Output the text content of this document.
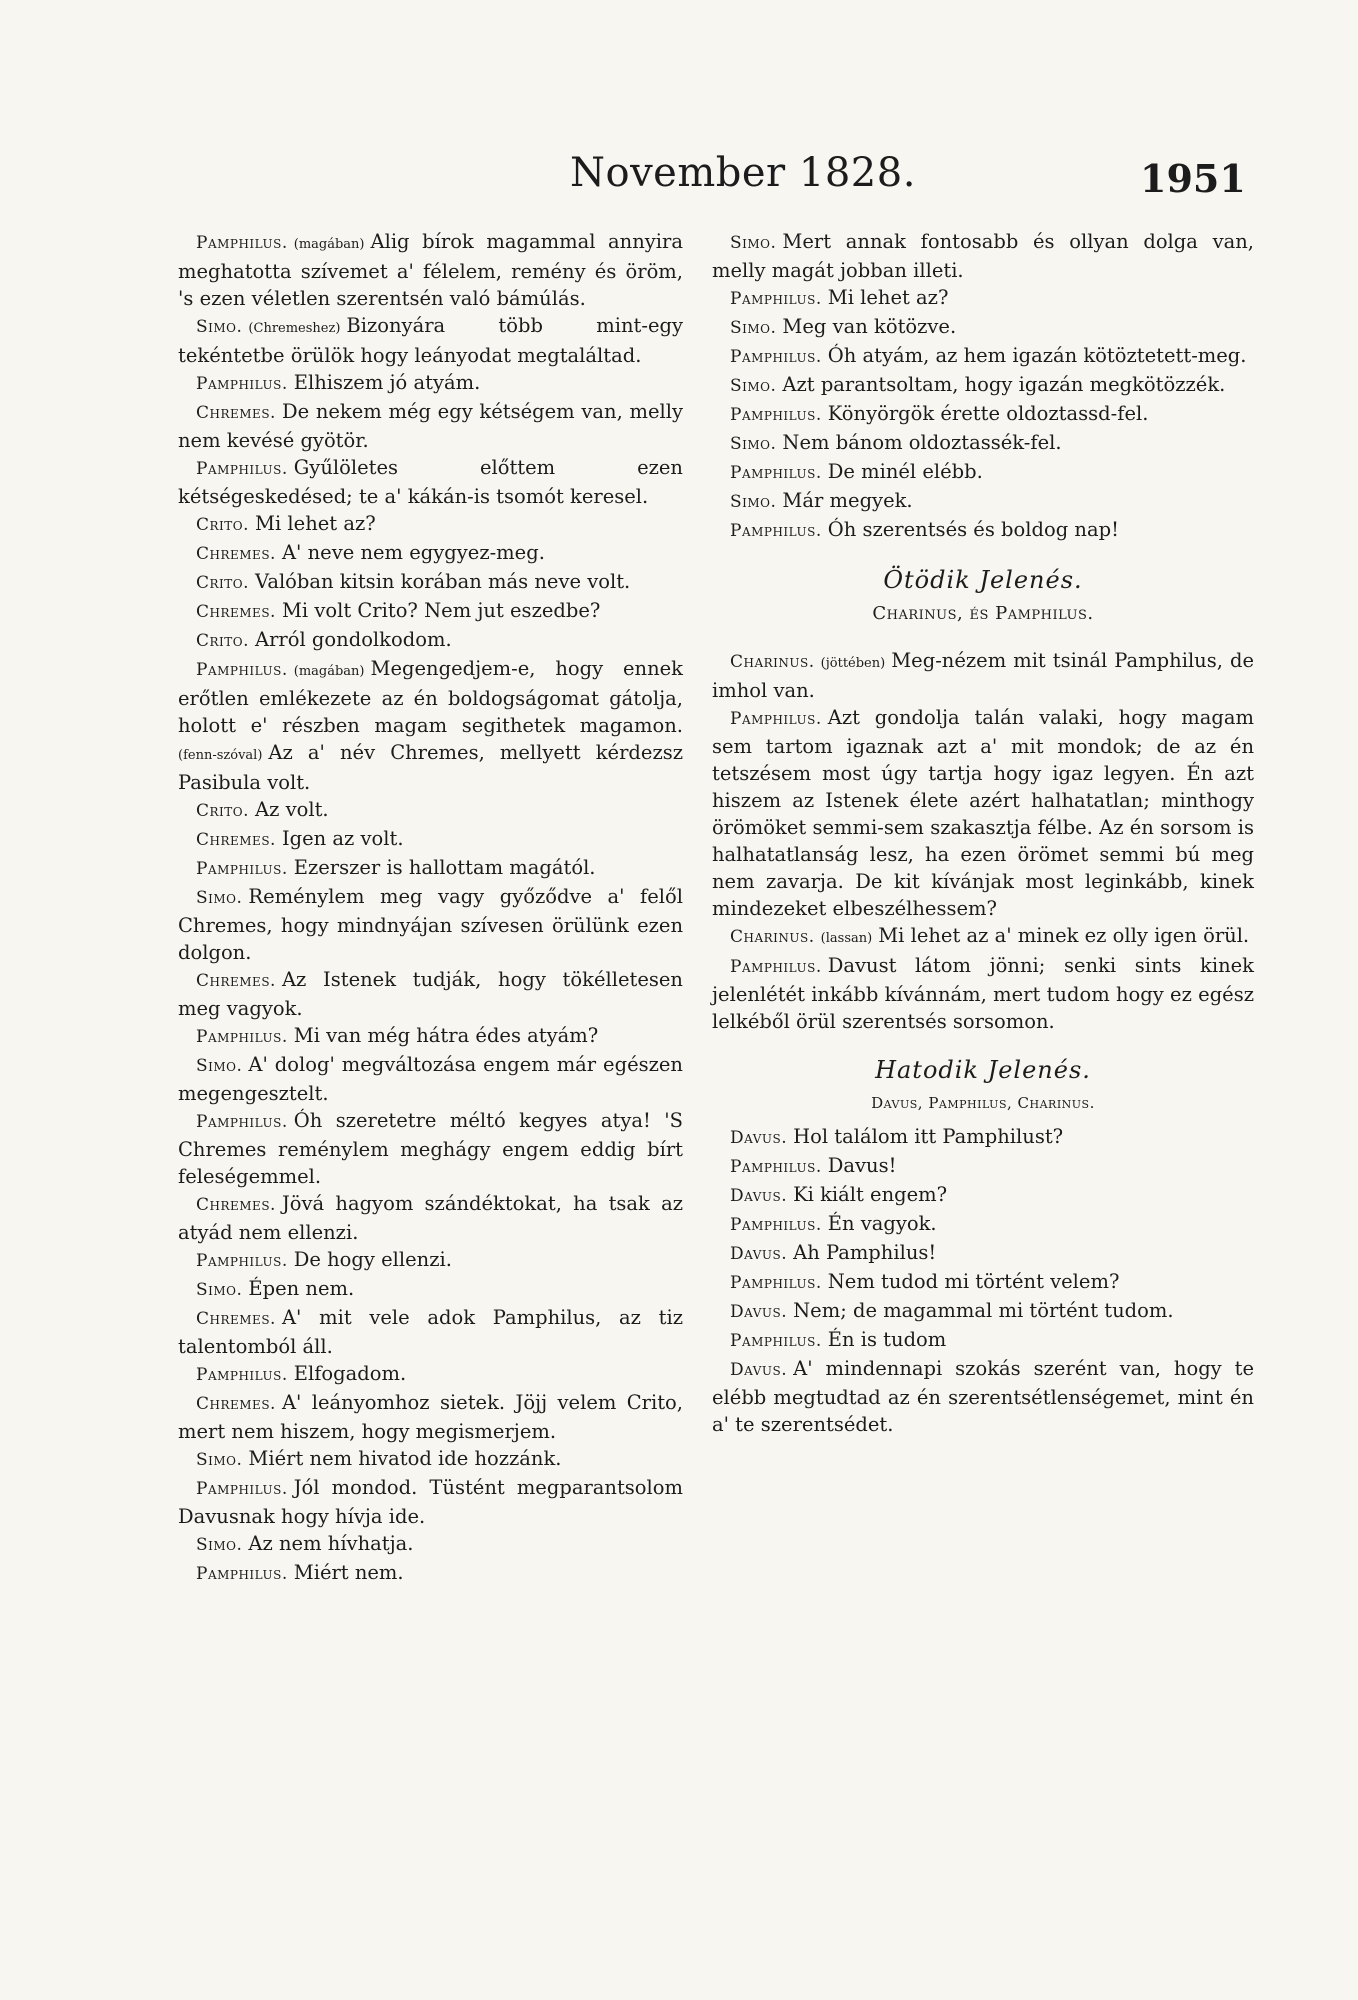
November 1828.	1951

Pamphilus. ( magában ) Alig bírok magammal annyira meghatotta szívemet a' félelem, remény és öröm, 's ezen véletlen szerentsén való bámúlás.

Simo. ( Chremeshez ) Bizonyára több mint-egy tekéntetbe örülök hogy leányodat megtaláltad.

Pamphilus. Elhiszem jó atyám.

Chremes. De nekem még egy kétségem van, melly nem kevésé gyötör.

Pamphilus. Gyűlöletes előttem ezen kétségeskedésed; te a' kákán-is tsomót keresel.

Crito. Mi lehet az?

Chremes. A' neve nem egygyez-meg.

Crito. Valóban kitsin korában más neve volt.

Chremes. Mi volt Crito? Nem jut eszedbe?

Crito. Arról gondolkodom.

Pamphilus. ( magában ) Megengedjem-e, hogy ennek erőtlen emlékezete az én boldogságomat gátolja, holott e' részben magam segithetek magamon. ( fenn-szóval ) Az a' név Chremes, mellyett kérdezsz Pasibula volt.

Crito. Az volt.

Chremes. Igen az volt.

Pamphilus. Ezerszer is hallottam magától.

Simo. Reménylem meg vagy győződve a' felől Chremes, hogy mindnyájan szívesen örülünk ezen dolgon.

Chremes. Az Istenek tudják, hogy tökélletesen meg vagyok.

Pamphilus. Mi van még hátra édes atyám?

Simo. A' dolog' megváltozása engem már egészen megengesztelt.

Pamphilus. Óh szeretetre méltó kegyes atya! 'S Chremes reménylem meghágy engem eddig bírt feleségemmel.

Chremes. Jövá hagyom szándéktokat, ha tsak az atyád nem ellenzi.

Pamphilus. De hogy ellenzi.

Simo. Épen nem.

Chremes. A' mit vele adok Pamphilus, az tiz talentomból áll.

Pamphilus. Elfogadom.

Chremes. A' leányomhoz sietek. Jöjj velem Crito, mert nem hiszem, hogy megismerjem.

Simo. Miért nem hivatod ide hozzánk.

Pamphilus. Jól mondod. Tüstént megparantsolom Davusnak hogy hívja ide.

Simo. Az nem hívhatja.

Pamphilus. Miért nem.

Simo. Mert annak fontosabb és ollyan dolga van, melly magát jobban illeti.

Pamphilus. Mi lehet az?

Simo. Meg van kötözve.

Pamphilus. Óh atyám, az hem igazán kötöztetett-meg.

Simo. Azt parantsoltam, hogy igazán megkötözzék.

Pamphilus. Könyörgök érette oldoztassd-fel.

Simo. Nem bánom oldoztassék-fel.

Pamphilus. De minél elébb.

Simo. Már megyek.

Pamphilus. Óh szerentsés és boldog nap!

Ötödik Jelenés.
Charinus, és Pamphilus.

Charinus. ( jöttében ) Meg-nézem mit tsinál Pamphilus, de imhol van.

Pamphilus. Azt gondolja talán valaki, hogy magam sem tartom igaznak azt a' mit mondok; de az én tetszésem most úgy tartja hogy igaz legyen. Én azt hiszem az Istenek élete azért halhatatlan; minthogy örömöket semmi-sem szakasztja félbe. Az én sorsom is halhatatlanság lesz, ha ezen örömet semmi bú meg nem zavarja. De kit kívánjak most leginkább, kinek mindezeket elbeszélhessem?

Charinus. ( lassan ) Mi lehet az a' minek ez olly igen örül.

Pamphilus. Davust látom jönni; senki sints kinek jelenlétét inkább kívánnám, mert tudom hogy ez egész lelkéből örül szerentsés sorsomon.

Hatodik Jelenés.
Davus, Pamphilus, Charinus.

Davus. Hol találom itt Pamphilust?

Pamphilus. Davus!

Davus. Ki kiált engem?

Pamphilus. Én vagyok.

Davus. Ah Pamphilus!

Pamphilus. Nem tudod mi történt velem?

Davus. Nem; de magammal mi történt tudom.

Pamphilus. Én is tudom

Davus. A' mindennapi szokás szerént van, hogy te elébb megtudtad az én szerentsétlenségemet, mint én a' te szerentsédet.
